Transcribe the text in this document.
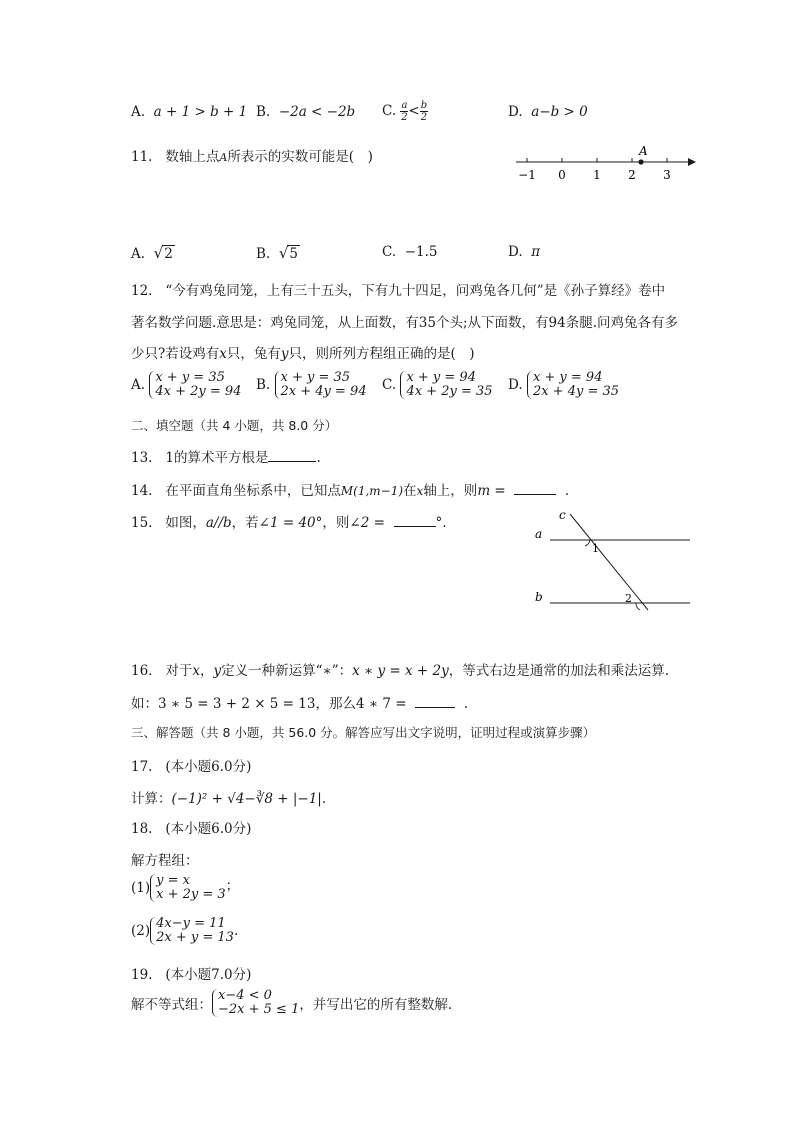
A. a + 1 > b + 1 B. −2a < −2b C. $\frac{a}{2} < \frac{b}{2}$	D. a−b > 0
11. 数轴上点A所表示的实数可能是(　)
−1 0 1 2 3
A
A. √2	B. √5	C. −1.5	D. π
12. “今有鸡兔同笼，上有三十五头，下有九十四足，问鸡兔各几何”是《孙子算经》卷中
著名数学问题.意思是：鸡兔同笼，从上面数，有35个头;从下面数，有94条腿.问鸡兔各有多
少只?若设鸡有x只，兔有y只，则所列方程组正确的是(　)
A. x + y = 35
4x + 2y = 94 B. x + y = 35
2x + 4y = 94 C. x + y = 94
4x + 2y = 35 D. x + y = 94
2x + 4y = 35
二、填空题（共 4 小题，共 8.0 分）
13. 1的算术平方根是	.
14. 在平面直角坐标系中，已知点M(1,m−1)在x轴上，则m =	.
15. 如图，a//b，若∠1 = 40°，则∠2 =	°.
a
b
c
1
2
16. 对于x，y定义一种新运算“∗”：x ∗ y = x + 2y，等式右边是通常的加法和乘法运算.
如：3 ∗ 5 = 3 + 2 × 5 = 13，那么4 ∗ 7 =	.
三、解答题（共 8 小题，共 56.0 分。解答应写出文字说明，证明过程或演算步骤）
17. (本小题6.0分)
计算：(−1)² + √4−∛8 + |−1|.
18. (本小题6.0分)
解方程组：
(1) y = x
x + 2y = 3；
(2) 4x−y = 11
2x + y = 13.
19. (本小题7.0分)
解不等式组：x−4 < 0
−2x + 5 ≤ 1，并写出它的所有整数解.
